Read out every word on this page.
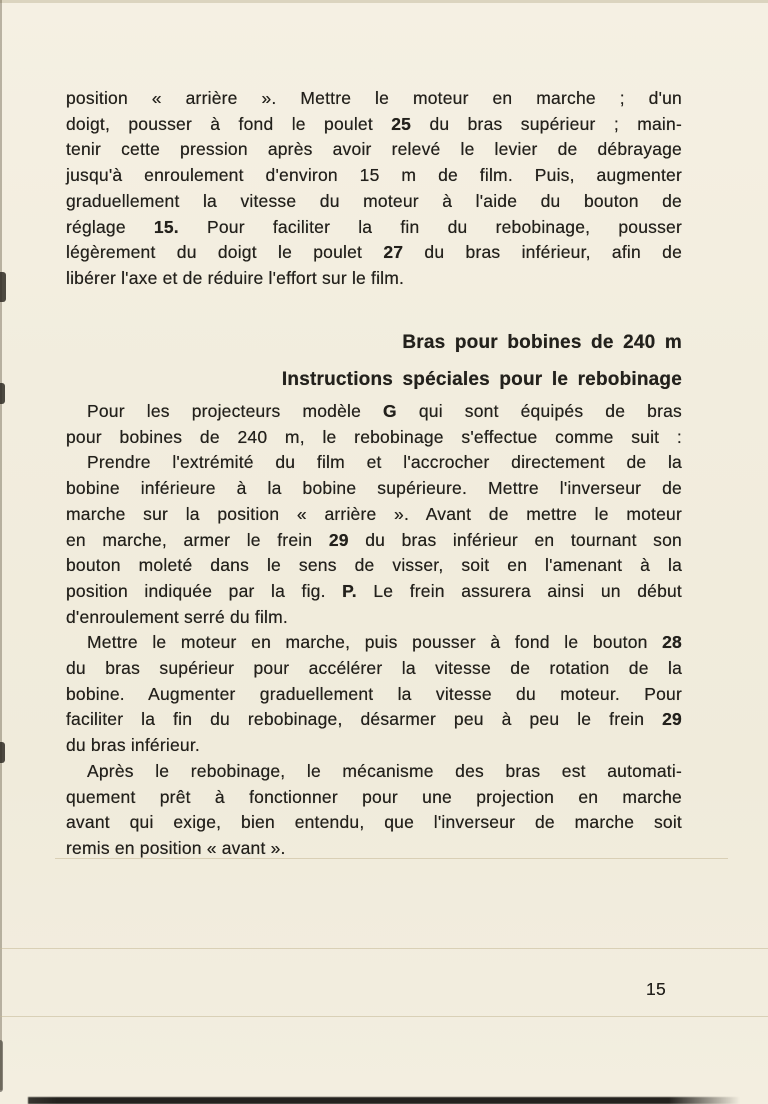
position « arrière ». Mettre le moteur en marche ; d'un
doigt, pousser à fond le poulet 25 du bras supérieur ; main-
tenir cette pression après avoir relevé le levier de débrayage
jusqu'à enroulement d'environ 15 m de film. Puis, augmenter
graduellement la vitesse du moteur à l'aide du bouton de
réglage 15. Pour faciliter la fin du rebobinage, pousser
légèrement du doigt le poulet 27 du bras inférieur, afin de
libérer l'axe et de réduire l'effort sur le film.
Bras pour bobines de 240 m
Instructions spéciales pour le rebobinage
Pour les projecteurs modèle G qui sont équipés de bras
pour bobines de 240 m, le rebobinage s'effectue comme suit :
Prendre l'extrémité du film et l'accrocher directement de la
bobine inférieure à la bobine supérieure. Mettre l'inverseur de
marche sur la position « arrière ». Avant de mettre le moteur
en marche, armer le frein 29 du bras inférieur en tournant son
bouton moleté dans le sens de visser, soit en l'amenant à la
position indiquée par la fig. P. Le frein assurera ainsi un début
d'enroulement serré du film.
Mettre le moteur en marche, puis pousser à fond le bouton 28
du bras supérieur pour accélérer la vitesse de rotation de la
bobine. Augmenter graduellement la vitesse du moteur. Pour
faciliter la fin du rebobinage, désarmer peu à peu le frein 29
du bras inférieur.
Après le rebobinage, le mécanisme des bras est automati-
quement prêt à fonctionner pour une projection en marche
avant qui exige, bien entendu, que l'inverseur de marche soit
remis en position « avant ».
15
